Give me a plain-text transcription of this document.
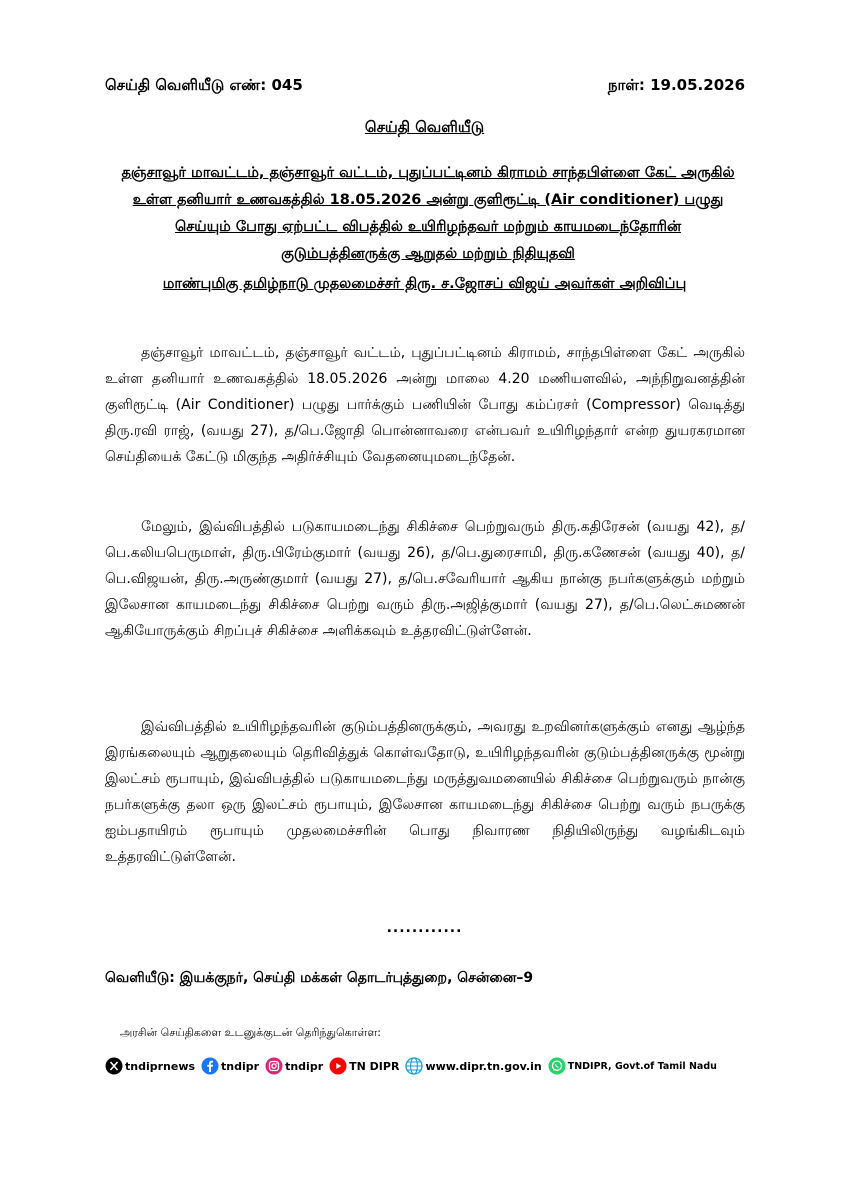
செய்தி வெளியீடு எண்: 045	நாள்: 19.05.2026
செய்தி வெளியீடு
தஞ்சாவூர் மாவட்டம், தஞ்சாவூர் வட்டம், புதுப்பட்டினம் கிராமம் சாந்தபிள்ளை கேட் அருகில் உள்ள தனியார் உணவகத்தில் 18.05.2026 அன்று குளிரூட்டி (Air conditioner) பழுது செய்யும் போது ஏற்பட்ட விபத்தில் உயிரிழந்தவர் மற்றும் காயமடைந்தோரின் குடும்பத்தினருக்கு ஆறுதல் மற்றும் நிதியுதவி
மாண்புமிகு தமிழ்நாடு முதலமைச்சர் திரு. ச.ஜோசப் விஜய் அவர்கள் அறிவிப்பு

தஞ்சாவூர் மாவட்டம், தஞ்சாவூர் வட்டம், புதுப்பட்டினம் கிராமம், சாந்தபிள்ளை கேட் அருகில் உள்ள தனியார் உணவகத்தில் 18.05.2026 அன்று மாலை 4.20 மணியளவில், அந்நிறுவனத்தின் குளிரூட்டி (Air Conditioner) பழுது பார்க்கும் பணியின் போது கம்ப்ரசர் (Compressor) வெடித்து திரு.ரவி ராஜ், (வயது 27), த/பெ.ஜோதி பொன்னாவரை என்பவர் உயிரிழந்தார் என்ற துயரகரமான செய்தியைக் கேட்டு மிகுந்த அதிர்ச்சியும் வேதனையுமடைந்தேன்.

மேலும், இவ்விபத்தில் படுகாயமடைந்து சிகிச்சை பெற்றுவரும் திரு.கதிரேசன் (வயது 42), த/பெ.கலியபெருமாள், திரு.பிரேம்குமார் (வயது 26), த/பெ.துரைசாமி, திரு.கணேசன் (வயது 40), த/பெ.விஜயன், திரு.அருண்குமார் (வயது 27), த/பெ.சவேரியார் ஆகிய நான்கு நபர்களுக்கும் மற்றும் இலேசான காயமடைந்து சிகிச்சை பெற்று வரும் திரு.அஜித்குமார் (வயது 27), த/பெ.லெட்சுமணன் ஆகியோருக்கும் சிறப்புச் சிகிச்சை அளிக்கவும் உத்தரவிட்டுள்ளேன்.

இவ்விபத்தில் உயிரிழந்தவரின் குடும்பத்தினருக்கும், அவரது உறவினர்களுக்கும் எனது ஆழ்ந்த இரங்கலையும் ஆறுதலையும் தெரிவித்துக் கொள்வதோடு, உயிரிழந்தவரின் குடும்பத்தினருக்கு மூன்று இலட்சம் ரூபாயும், இவ்விபத்தில் படுகாயமடைந்து மருத்துவமனையில் சிகிச்சை பெற்றுவரும் நான்கு நபர்களுக்கு தலா ஒரு இலட்சம் ரூபாயும், இலேசான காயமடைந்து சிகிச்சை பெற்று வரும் நபருக்கு ஐம்பதாயிரம் ரூபாயும் முதலமைச்சரின் பொது நிவாரண நிதியிலிருந்து வழங்கிடவும் உத்தரவிட்டுள்ளேன்.

............
வெளியீடு: இயக்குநர், செய்தி மக்கள் தொடர்புத்துறை, சென்னை–9
அரசின் செய்திகளை உடனுக்குடன் தெரிந்துகொள்ள:
tndiprnews tndipr tndipr TN DIPR www.dipr.tn.gov.in	TNDIPR, Govt.of Tamil Nadu
